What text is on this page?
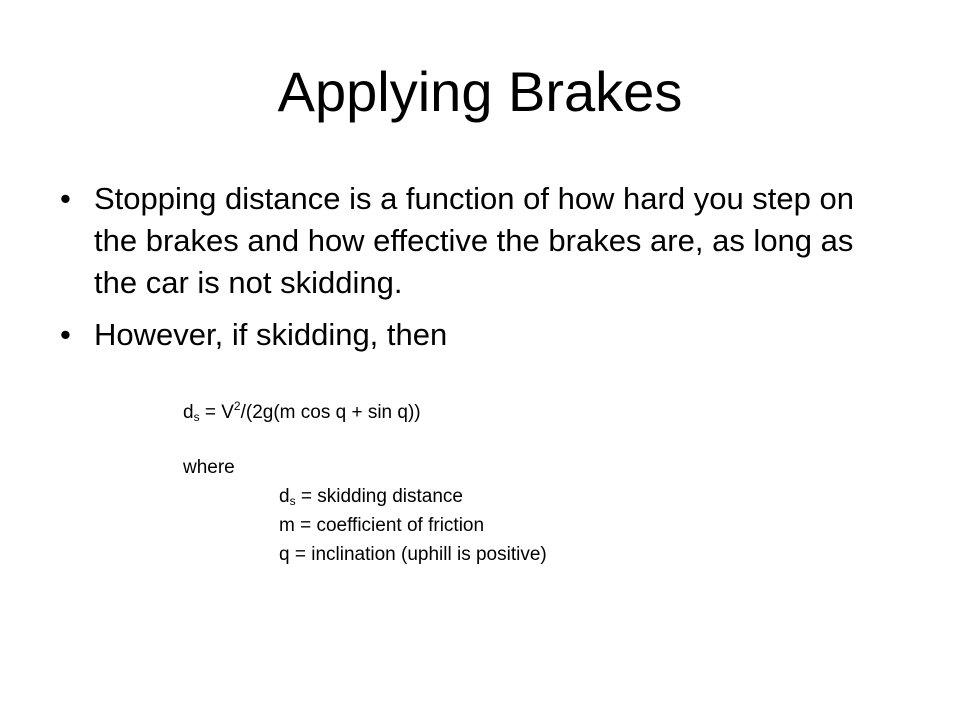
Applying Brakes
• Stopping distance is a function of how hard you step on the brakes and how effective the brakes are, as long as the car is not skidding.
• However, if skidding, then
$d_s = V^2/(2g(m$ cos q + sin q))
where
$d_s$ = skidding distance
m = coefficient of friction
q = inclination (uphill is positive)
